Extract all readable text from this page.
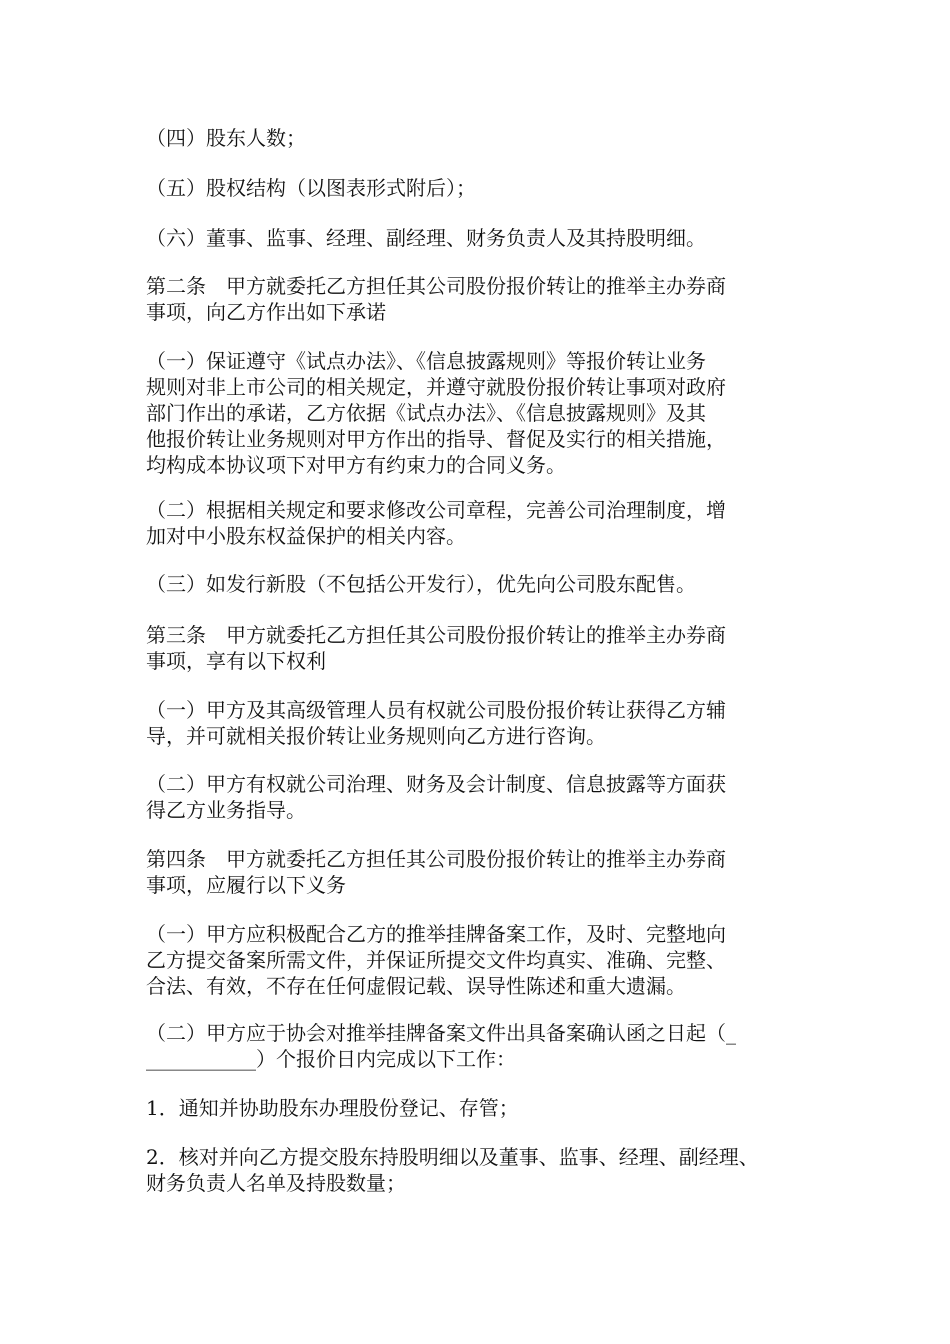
（四）股东人数；

（五）股权结构（以图表形式附后）；

（六）董事、监事、经理、副经理、财务负责人及其持股明细。

第二条　甲方就委托乙方担任其公司股份报价转让的推举主办券商
事项，向乙方作出如下承诺

（一）保证遵守《试点办法》、《信息披露规则》等报价转让业务
规则对非上市公司的相关规定，并遵守就股份报价转让事项对政府
部门作出的承诺，乙方依据《试点办法》、《信息披露规则》及其
他报价转让业务规则对甲方作出的指导、督促及实行的相关措施，
均构成本协议项下对甲方有约束力的合同义务。

（二）根据相关规定和要求修改公司章程，完善公司治理制度，增
加对中小股东权益保护的相关内容。

（三）如发行新股（不包括公开发行），优先向公司股东配售。

第三条　甲方就委托乙方担任其公司股份报价转让的推举主办券商
事项，享有以下权利

（一）甲方及其高级管理人员有权就公司股份报价转让获得乙方辅
导，并可就相关报价转让业务规则向乙方进行咨询。

（二）甲方有权就公司治理、财务及会计制度、信息披露等方面获
得乙方业务指导。

第四条　甲方就委托乙方担任其公司股份报价转让的推举主办券商
事项，应履行以下义务

（一）甲方应积极配合乙方的推举挂牌备案工作，及时、完整地向
乙方提交备案所需文件，并保证所提交文件均真实、准确、完整、
合法、有效，不存在任何虚假记载、误导性陈述和重大遗漏。

（二）甲方应于协会对推举挂牌备案文件出具备案确认函之日起（_
___________）个报价日内完成以下工作：

1．通知并协助股东办理股份登记、存管；

2．核对并向乙方提交股东持股明细以及董事、监事、经理、副经理、
财务负责人名单及持股数量；
